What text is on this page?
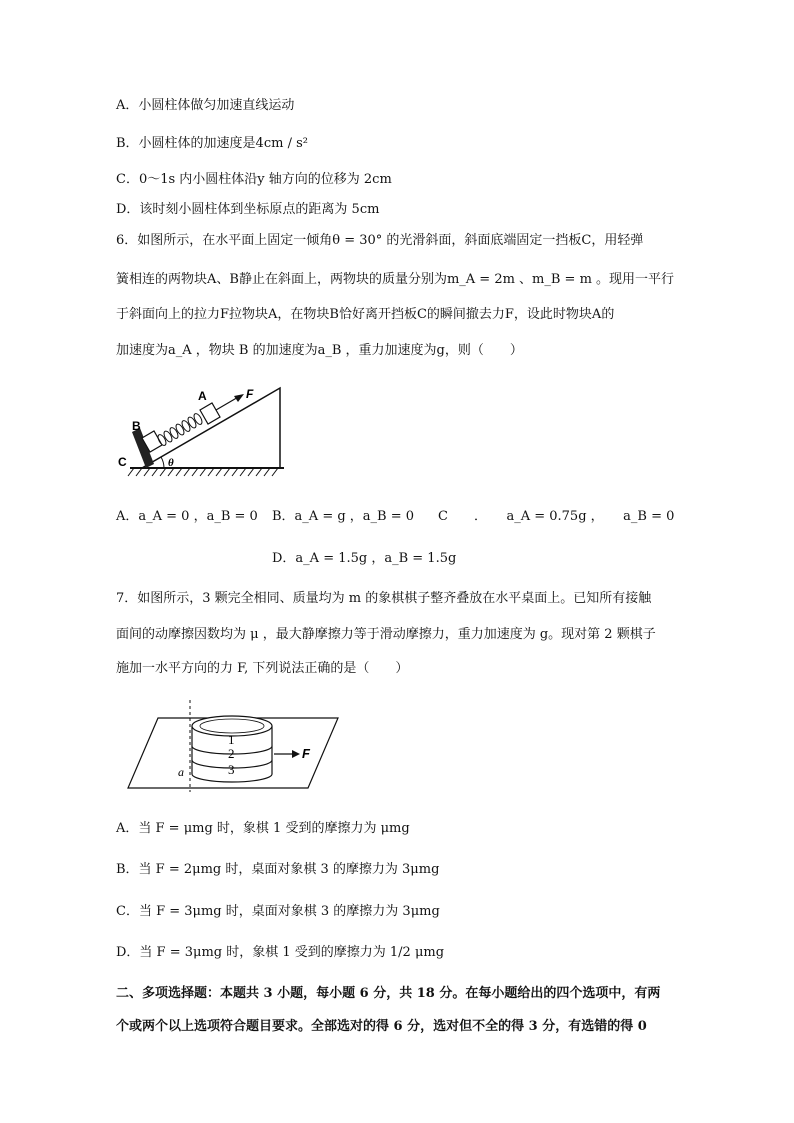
A．小圆柱体做匀加速直线运动
B．小圆柱体的加速度是4cm / s²
C．0～1s 内小圆柱体沿y 轴方向的位移为 2cm
D．该时刻小圆柱体到坐标原点的距离为 5cm
6．如图所示，在水平面上固定一倾角θ = 30° 的光滑斜面，斜面底端固定一挡板C，用轻弹
簧相连的两物块A、B静止在斜面上，两物块的质量分别为m_A = 2m 、m_B = m 。现用一平行
于斜面向上的拉力F拉物块A，在物块B恰好离开挡板C的瞬间撤去力F，设此时物块A的
加速度为a_A ，物块 B 的加速度为a_B ，重力加速度为g，则（　　）
A	F
B
C	θ
A．a_A = 0 ，a_B = 0 B．a_A = g ，a_B = 0 C　　．　　a_A = 0.75g ，　　a_B = 0
D．a_A = 1.5g ，a_B = 1.5g
7．如图所示，3 颗完全相同、质量均为 m 的象棋棋子整齐叠放在水平桌面上。已知所有接触
面间的动摩擦因数均为 μ ，最大静摩擦力等于滑动摩擦力，重力加速度为 g。现对第 2 颗棋子
施加一水平方向的力 F, 下列说法正确的是（　　）
1
2
3
F
a
A．当 F = μmg 时，象棋 1 受到的摩擦力为 μmg
B．当 F = 2μmg 时，桌面对象棋 3 的摩擦力为 3μmg
C．当 F = 3μmg 时，桌面对象棋 3 的摩擦力为 3μmg
D．当 F = 3μmg 时，象棋 1 受到的摩擦力为 1/2 μmg
二、多项选择题：本题共 3 小题，每小题 6 分，共 18 分。在每小题给出的四个选项中，有两
个或两个以上选项符合题目要求。全部选对的得 6 分，选对但不全的得 3 分，有选错的得 0
